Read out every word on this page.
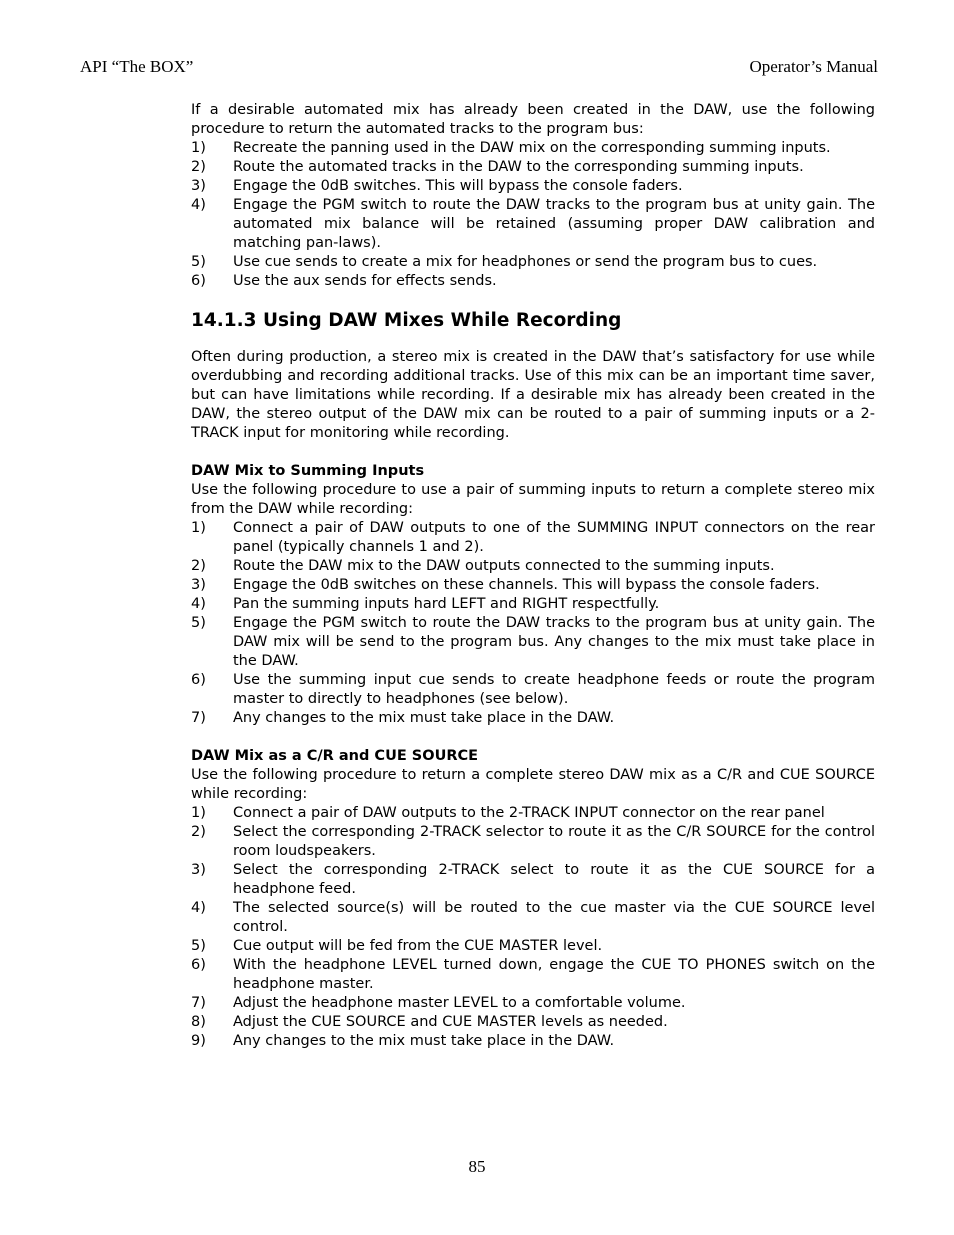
API “The BOX”	Operator’s Manual

If a desirable automated mix has already been created in the DAW, use the following procedure to return the automated tracks to the program bus:

1)	Recreate the panning used in the DAW mix on the corresponding summing inputs.
2)	Route the automated tracks in the DAW to the corresponding summing inputs.
3)	Engage the 0dB switches. This will bypass the console faders.
4)	Engage the PGM switch to route the DAW tracks to the program bus at unity gain. The automated mix balance will be retained (assuming proper DAW calibration and matching pan-laws).
5)	Use cue sends to create a mix for headphones or send the program bus to cues.
6)	Use the aux sends for effects sends.
14.1.3 Using DAW Mixes While Recording

Often during production, a stereo mix is created in the DAW that’s satisfactory for use while overdubbing and recording additional tracks. Use of this mix can be an important time saver, but can have limitations while recording. If a desirable mix has already been created in the DAW, the stereo output of the DAW mix can be routed to a pair of summing inputs or a 2-TRACK input for monitoring while recording.

DAW Mix to Summing Inputs

Use the following procedure to use a pair of summing inputs to return a complete stereo mix from the DAW while recording:

1)	Connect a pair of DAW outputs to one of the SUMMING INPUT connectors on the rear panel (typically channels 1 and 2).
2)	Route the DAW mix to the DAW outputs connected to the summing inputs.
3)	Engage the 0dB switches on these channels. This will bypass the console faders.
4)	Pan the summing inputs hard LEFT and RIGHT respectfully.
5)	Engage the PGM switch to route the DAW tracks to the program bus at unity gain. The DAW mix will be send to the program bus. Any changes to the mix must take place in the DAW.
6)	Use the summing input cue sends to create headphone feeds or route the program master to directly to headphones (see below).
7)	Any changes to the mix must take place in the DAW.
DAW Mix as a C/R and CUE SOURCE

Use the following procedure to return a complete stereo DAW mix as a C/R and CUE SOURCE while recording:

1)	Connect a pair of DAW outputs to the 2-TRACK INPUT connector on the rear panel
2)	Select the corresponding 2-TRACK selector to route it as the C/R SOURCE for the control room loudspeakers.
3)	Select the corresponding 2-TRACK select to route it as the CUE SOURCE for a headphone feed.
4)	The selected source(s) will be routed to the cue master via the CUE SOURCE level control.
5)	Cue output will be fed from the CUE MASTER level.
6)	With the headphone LEVEL turned down, engage the CUE TO PHONES switch on the headphone master.
7)	Adjust the headphone master LEVEL to a comfortable volume.
8)	Adjust the CUE SOURCE and CUE MASTER levels as needed.
9)	Any changes to the mix must take place in the DAW.
85
